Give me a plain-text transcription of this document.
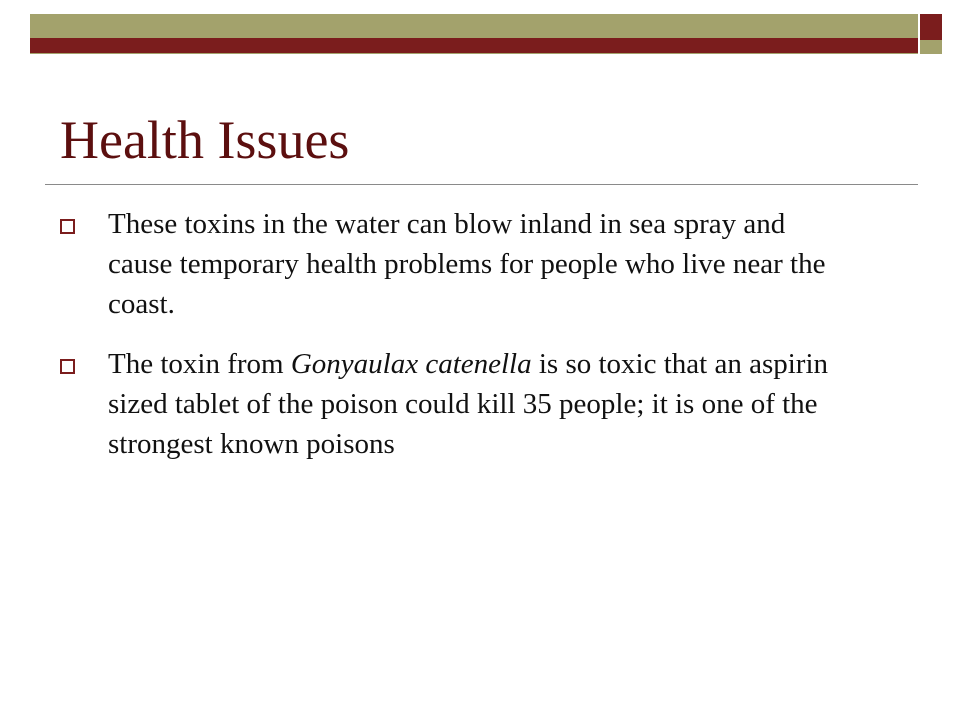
Health Issues
These toxins in the water can blow inland in sea spray and cause temporary health problems for people who live near the coast.
The toxin from Gonyaulax catenella is so toxic that an aspirin sized tablet of the poison could kill 35 people; it is one of the strongest known poisons
